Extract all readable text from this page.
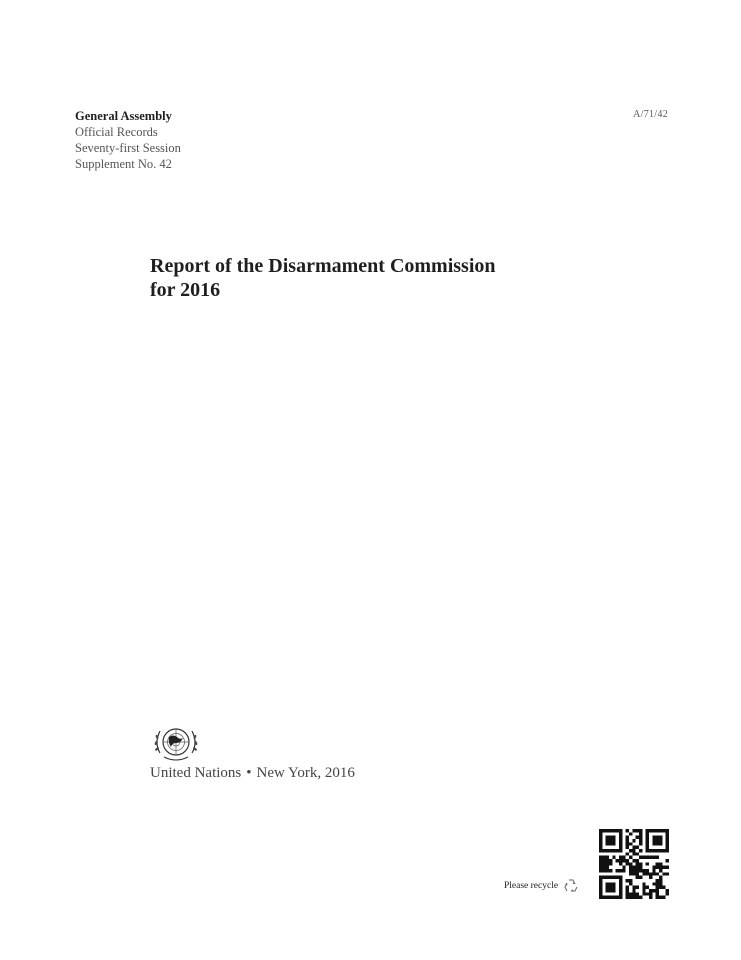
General Assembly
Official Records
Seventy-first Session
Supplement No. 42
A/71/42
Report of the Disarmament Commission
for 2016
United Nations • New York, 2016
Please recycle
